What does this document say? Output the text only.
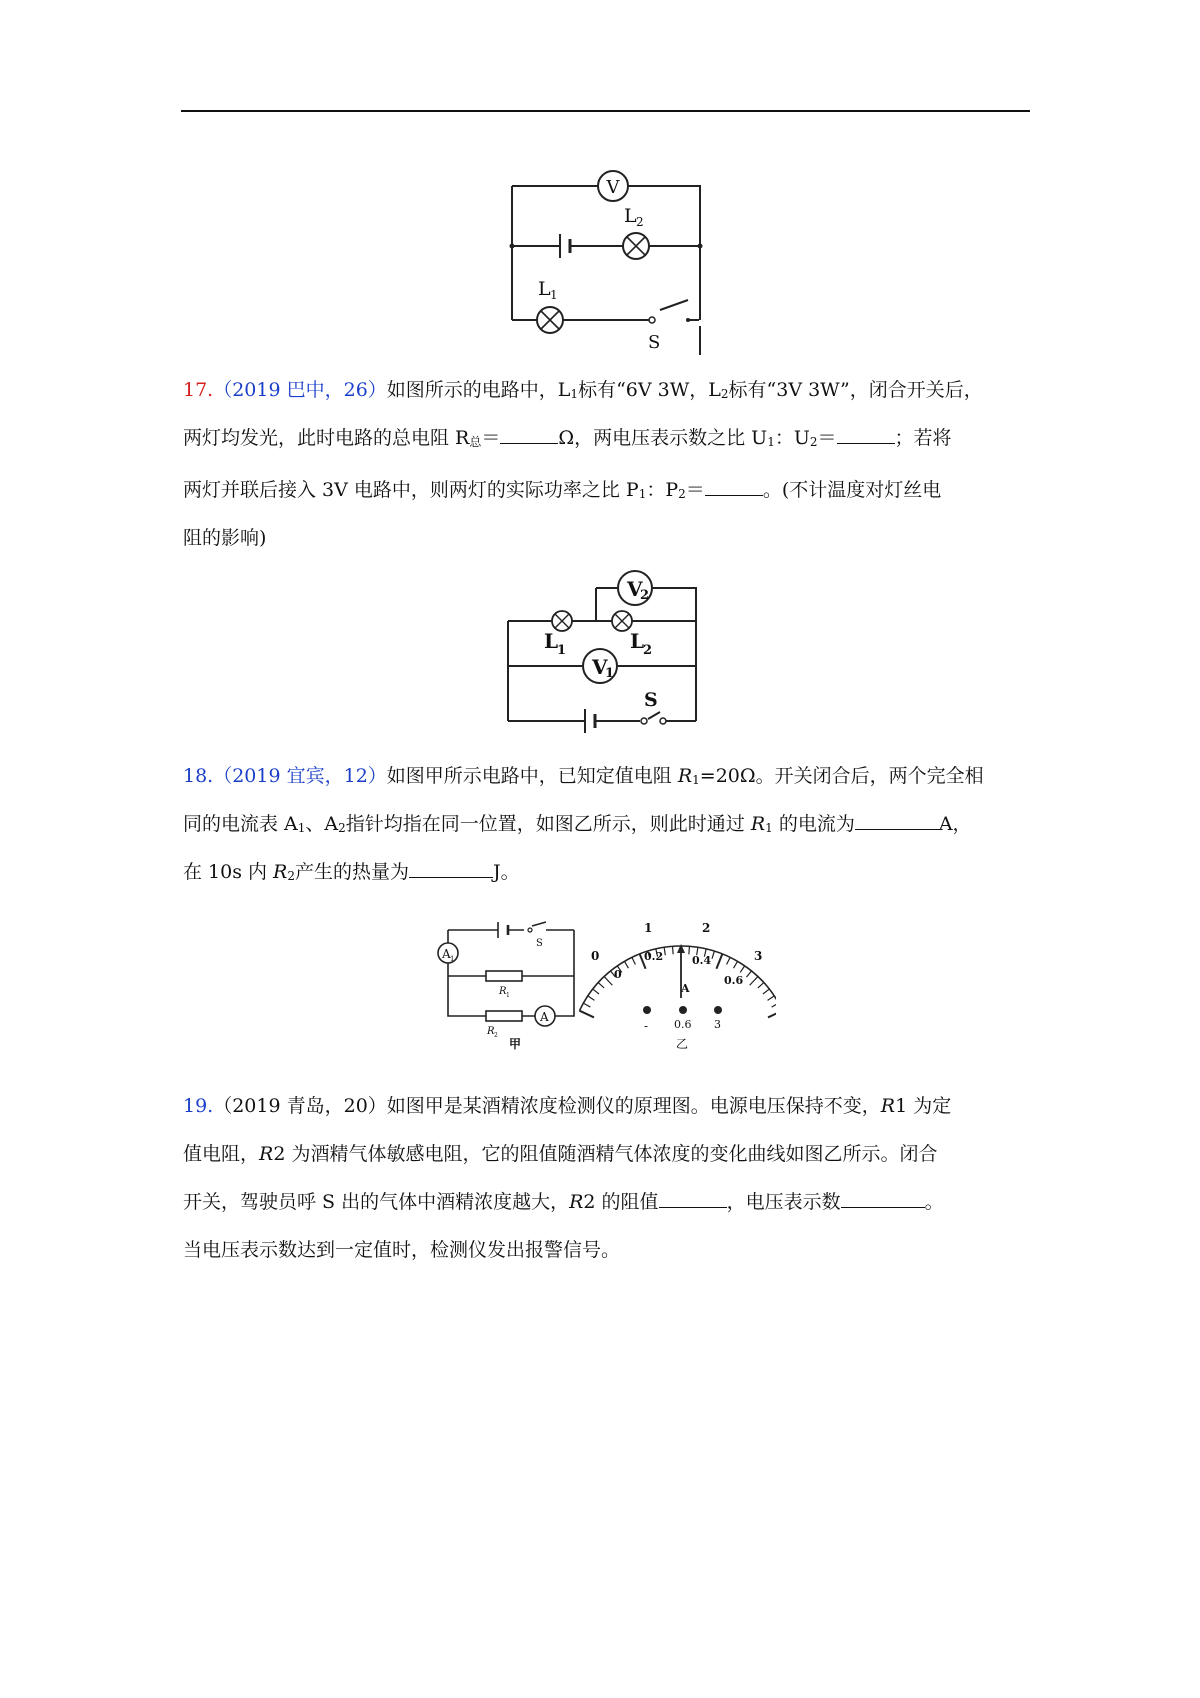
V
L 2
L 1
S

17.（2019 巴中，26）如图所示的电路中，$L_1$标有“6V 3W，$L_2$标有“3V 3W”，闭合开关后，

两灯均发光，此时电路的总电阻 R总＝	Ω，两电压表示数之比 $U_1$：$U_2=$	；若将

两灯并联后接入 3V 电路中，则两灯的实际功率之比 $P_1$：$P_2=$	。(不计温度对灯丝电

阻的影响)

V
2
L
1	L
2
V
1
S

18.（2019 宜宾，12）如图甲所示电路中，已知定值电阻 $R_1=20\Omega$。开关闭合后，两个完全相

同的电流表 $A_1$、$A_2$指针均指在同一位置，如图乙所示，则此时通过 $R_1$ 的电流为	A，

在 10s 内 $R_2$产生的热量为	J。

A 1
S
R 1
R 2
A
甲
0
1	2
3
0
0.2	0.4
0.6
A
- 0.6 3
乙

19.（2019 青岛，20）如图甲是某酒精浓度检测仪的原理图。电源电压保持不变，R1 为定

值电阻，R2 为酒精气体敏感电阻，它的阻值随酒精气体浓度的变化曲线如图乙所示。闭合

开关，驾驶员呼 S 出的气体中酒精浓度越大，R2 的阻值	，电压表示数	。

当电压表示数达到一定值时，检测仪发出报警信号。
